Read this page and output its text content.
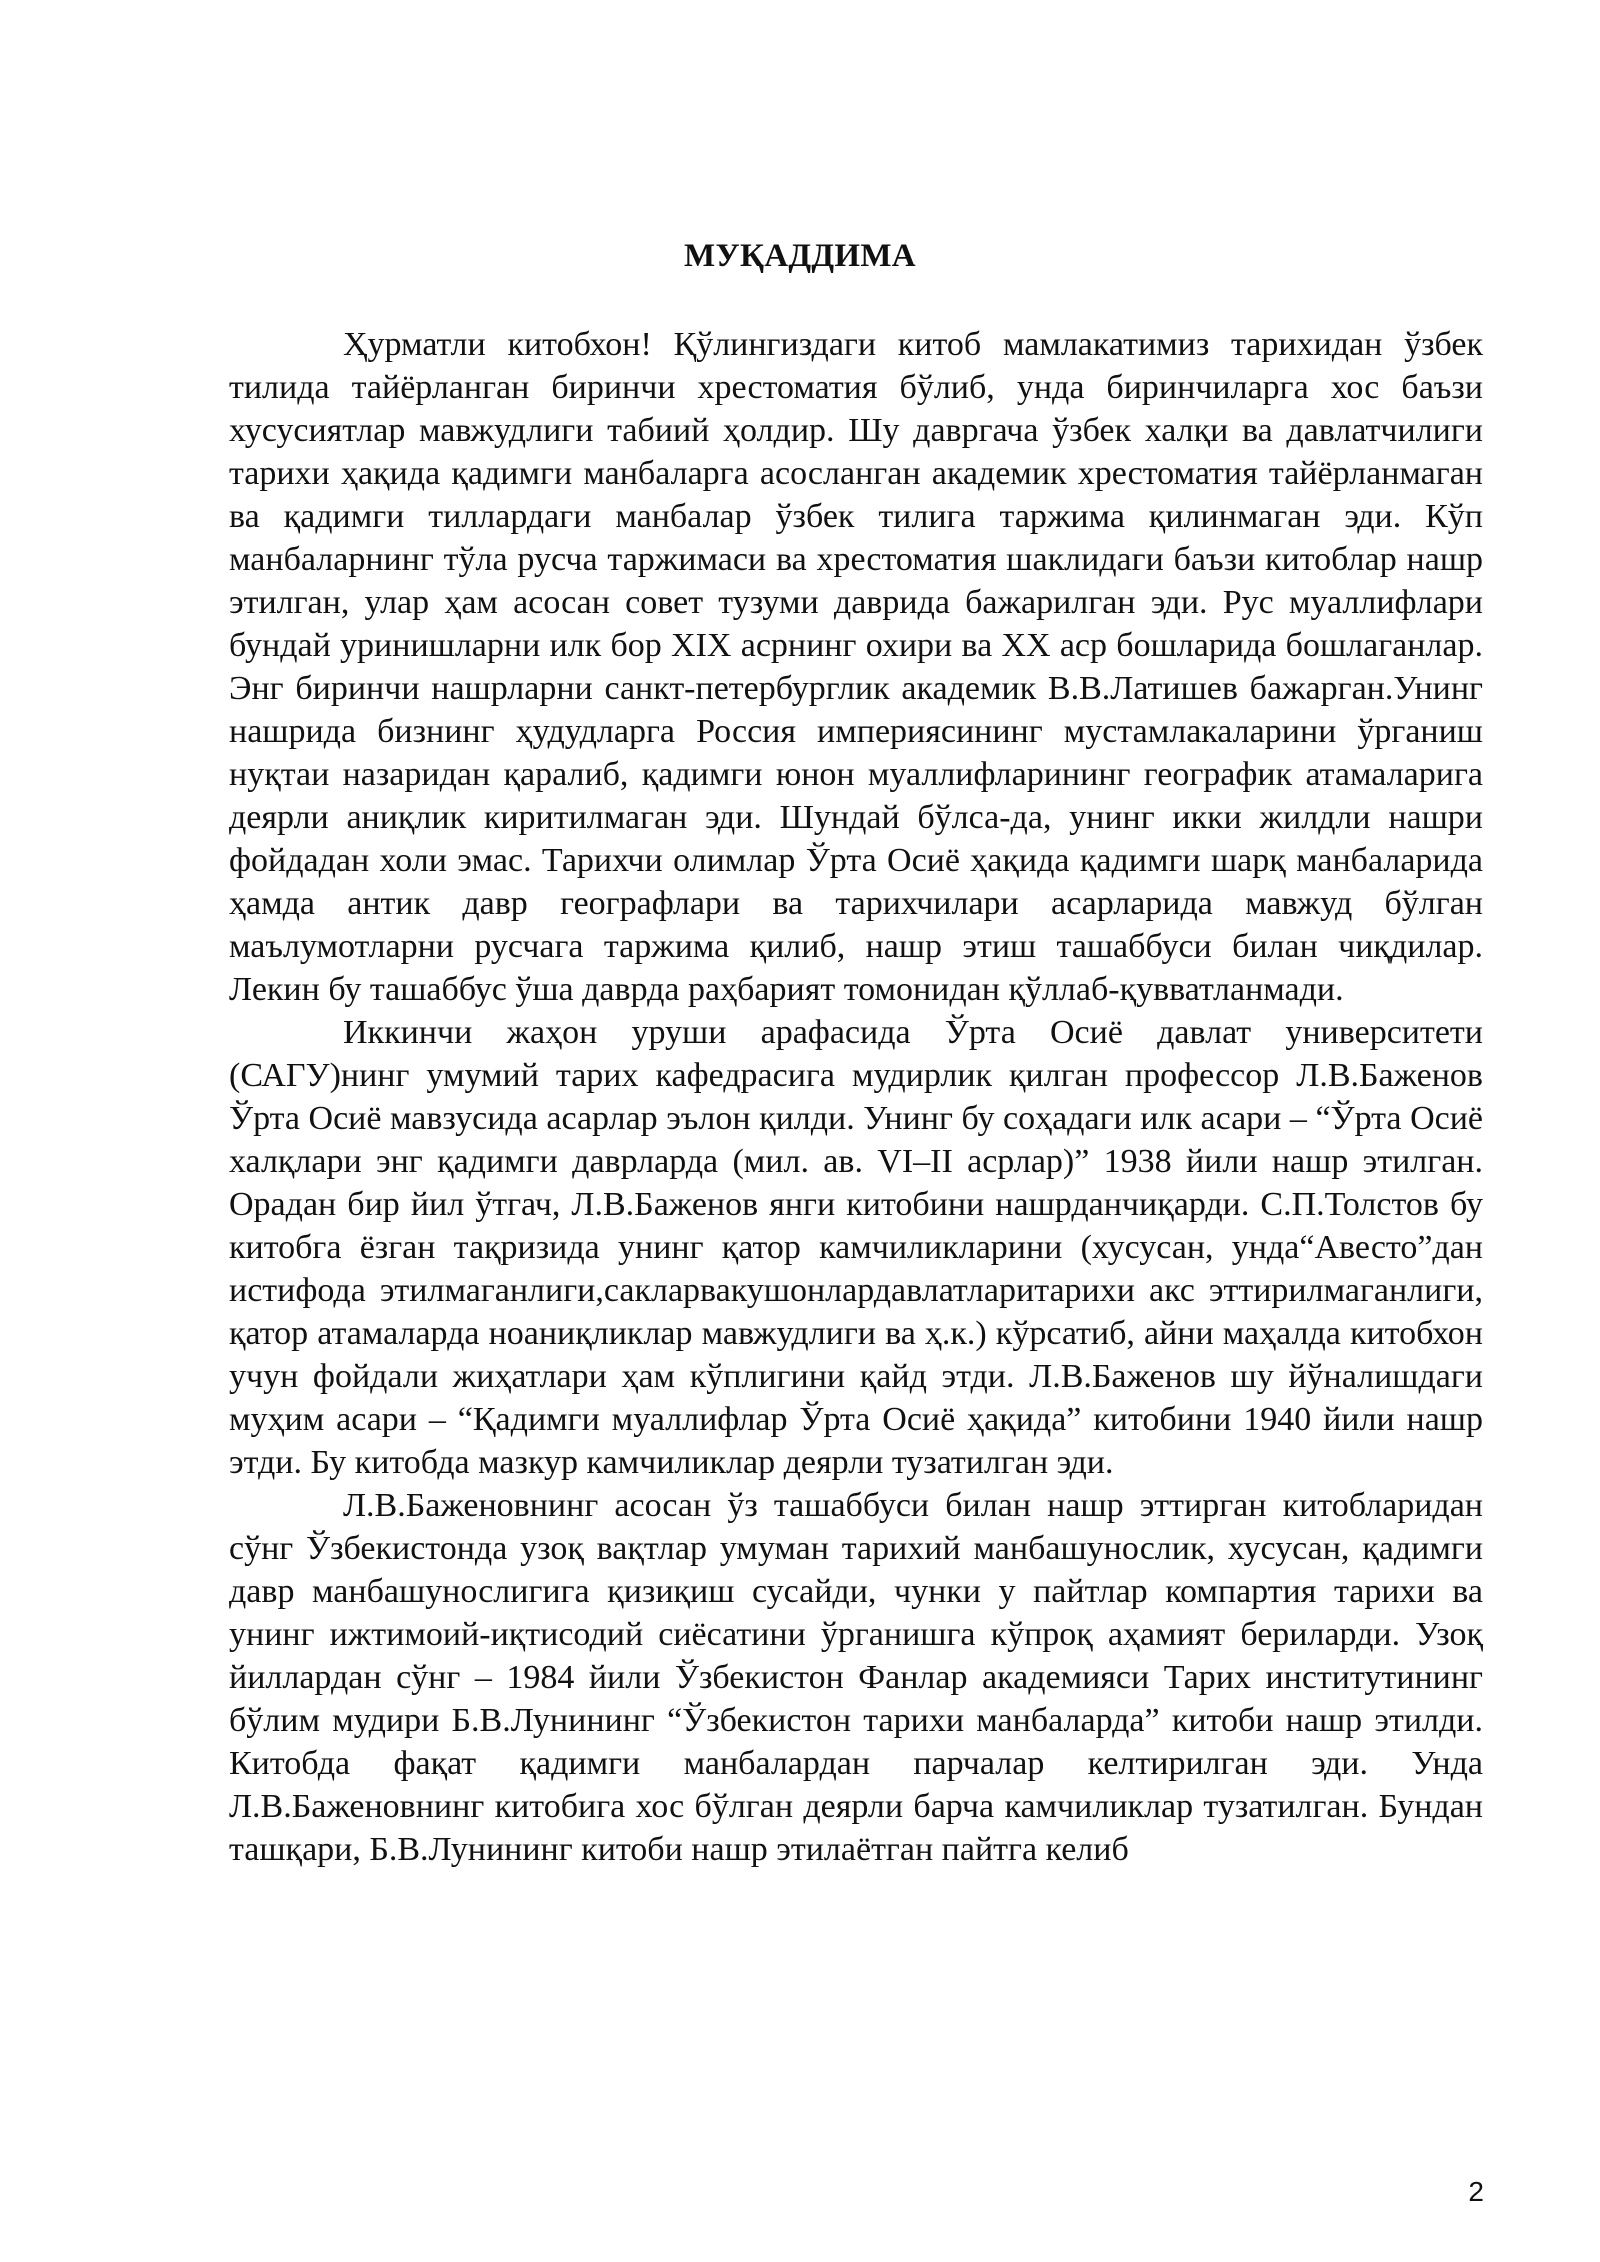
МУҚАДДИМА

Ҳурматли китобхон! Қўлингиздаги китоб мамлакатимиз тарихидан ўзбек тилида тайёрланган биринчи хрестоматия бўлиб, унда биринчиларга хос баъзи хусусиятлар мавжудлиги табиий ҳолдир. Шу давргача ўзбек халқи ва давлатчилиги тарихи ҳақида қадимги манбаларга асосланган академик хрестоматия тайёрланмаган ва қадимги тиллардаги манбалар ўзбек тилига таржима қилинмаган эди. Кўп манбаларнинг тўла русча таржимаси ва хрестоматия шаклидаги баъзи китоблар нашр этилган, улар ҳам асосан совет тузуми даврида бажарилган эди. Рус муаллифлари бундай уринишларни илк бор XIX асрнинг охири ва XX аср бошларида бошлаганлар. Энг биринчи нашрларни санкт-петербурглик академик В.В.Латишев бажарган.Унинг нашрида бизнинг ҳудудларга Россия империясининг мустамлакаларини ўрганиш нуқтаи назаридан қаралиб, қадимги юнон муаллифларининг географик атамаларига деярли аниқлик киритилмаган эди. Шундай бўлса-да, унинг икки жилдли нашри фойдадан холи эмас. Тарихчи олимлар Ўрта Осиё ҳақида қадимги шарқ манбаларида ҳамда антик давр географлари ва тарихчилари асарларида мавжуд бўлган маълумотларни русчага таржима қилиб, нашр этиш ташаббуси билан чиқдилар. Лекин бу ташаббус ўша даврда раҳбарият томонидан қўллаб-қувватланмади.

Иккинчи жаҳон уруши арафасида Ўрта Осиё давлат университети (САГУ)нинг умумий тарих кафедрасига мудирлик қилган профессор Л.В.Баженов Ўрта Осиё мавзусида асарлар эълон қилди. Унинг бу соҳадаги илк асари – “Ўрта Осиё халқлари энг қадимги даврларда (мил. ав. VI–II асрлар)” 1938 йили нашр этилган. Орадан бир йил ўтгач, Л.В.Баженов янги китобини нашрданчиқарди. С.П.Толстов бу китобга ёзган тақризида унинг қатор камчиликларини (хусусан, унда“Авесто”дан истифода этилмаганлиги,сакларвакушонлардавлатларитарихи акс эттирилмаганлиги, қатор атамаларда ноаниқликлар мавжудлиги ва ҳ.к.) кўрсатиб, айни маҳалда китобхон учун фойдали жиҳатлари ҳам кўплигини қайд этди. Л.В.Баженов шу йўналишдаги муҳим асари – “Қадимги муаллифлар Ўрта Осиё ҳақида” китобини 1940 йили нашр этди. Бу китобда мазкур камчиликлар деярли тузатилган эди.

Л.В.Баженовнинг асосан ўз ташаббуси билан нашр эттирган китобларидан сўнг Ўзбекистонда узоқ вақтлар умуман тарихий манбашунослик, хусусан, қадимги давр манбашунослигига қизиқиш сусайди, чунки у пайтлар компартия тарихи ва унинг ижтимоий-иқтисодий сиёсатини ўрганишга кўпроқ аҳамият бериларди. Узоқ йиллардан сўнг – 1984 йили Ўзбекистон Фанлар академияси Тарих институтининг бўлим мудири Б.В.Лунининг “Ўзбекистон тарихи манбаларда” китоби нашр этилди. Китобда фақат қадимги манбалардан парчалар келтирилган эди. Унда Л.В.Баженовнинг китобига хос бўлган деярли барча камчиликлар тузатилган. Бундан ташқари, Б.В.Лунининг китоби нашр этилаётган пайтга келиб

2
